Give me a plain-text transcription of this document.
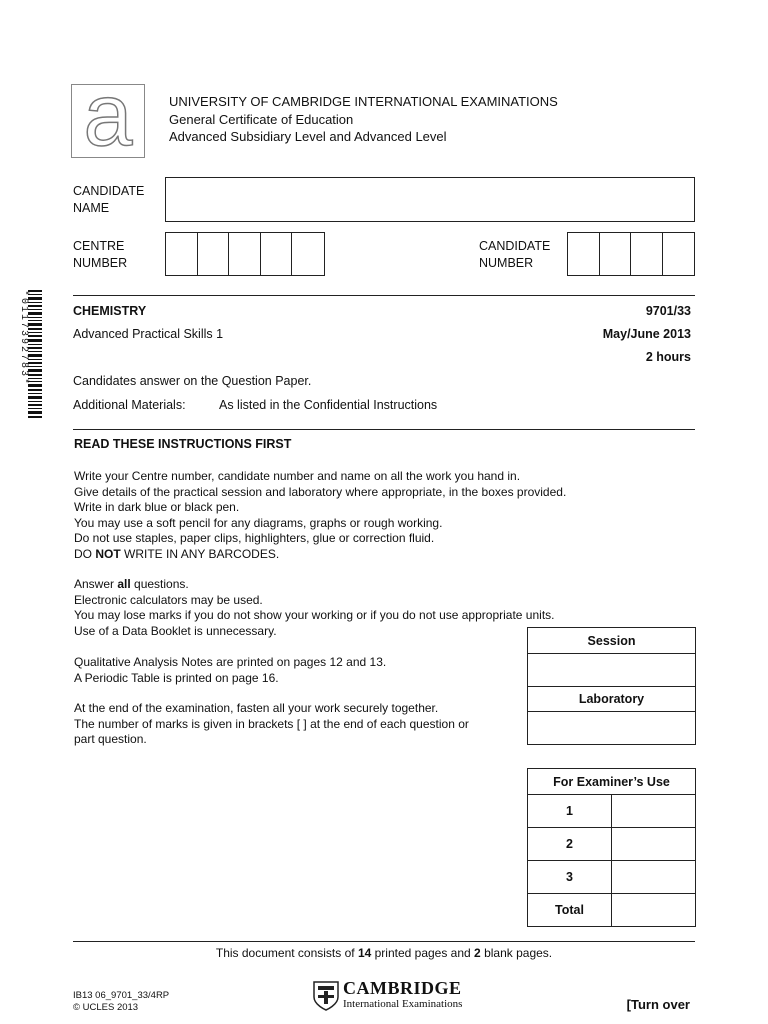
a	UNIVERSITY OF CAMBRIDGE INTERNATIONAL EXAMINATIONS
General Certificate of Education
Advanced Subsidiary Level and Advanced Level
CANDIDATE
NAME
CENTRE
NUMBER
CANDIDATE
NUMBER
*0117392783*	CHEMISTRY	9701/33
Advanced Practical Skills 1	May/June 2013
2 hours
Candidates answer on the Question Paper.
Additional Materials:	As listed in the Confidential Instructions
READ THESE INSTRUCTIONS FIRST
Write your Centre number, candidate number and name on all the work you hand in.
Give details of the practical session and laboratory where appropriate, in the boxes provided.
Write in dark blue or black pen.
You may use a soft pencil for any diagrams, graphs or rough working.
Do not use staples, paper clips, highlighters, glue or correction fluid.
DO NOT WRITE IN ANY BARCODES.
Answer all questions.
Electronic calculators may be used.
You may lose marks if you do not show your working or if you do not use appropriate units.
Use of a Data Booklet is unnecessary.
Qualitative Analysis Notes are printed on pages 12 and 13.
A Periodic Table is printed on page 16.
At the end of the examination, fasten all your work securely together.
The number of marks is given in brackets [ ] at the end of each question or
part question.
Session

Laboratory

For Examiner’s Use	
1	
2	
3	
Total	
This document consists of 14 printed pages and 2 blank pages.
IB13 06_9701_33/4RP
© UCLES 2013
CAMBRIDGE
International Examinations	[Turn over
